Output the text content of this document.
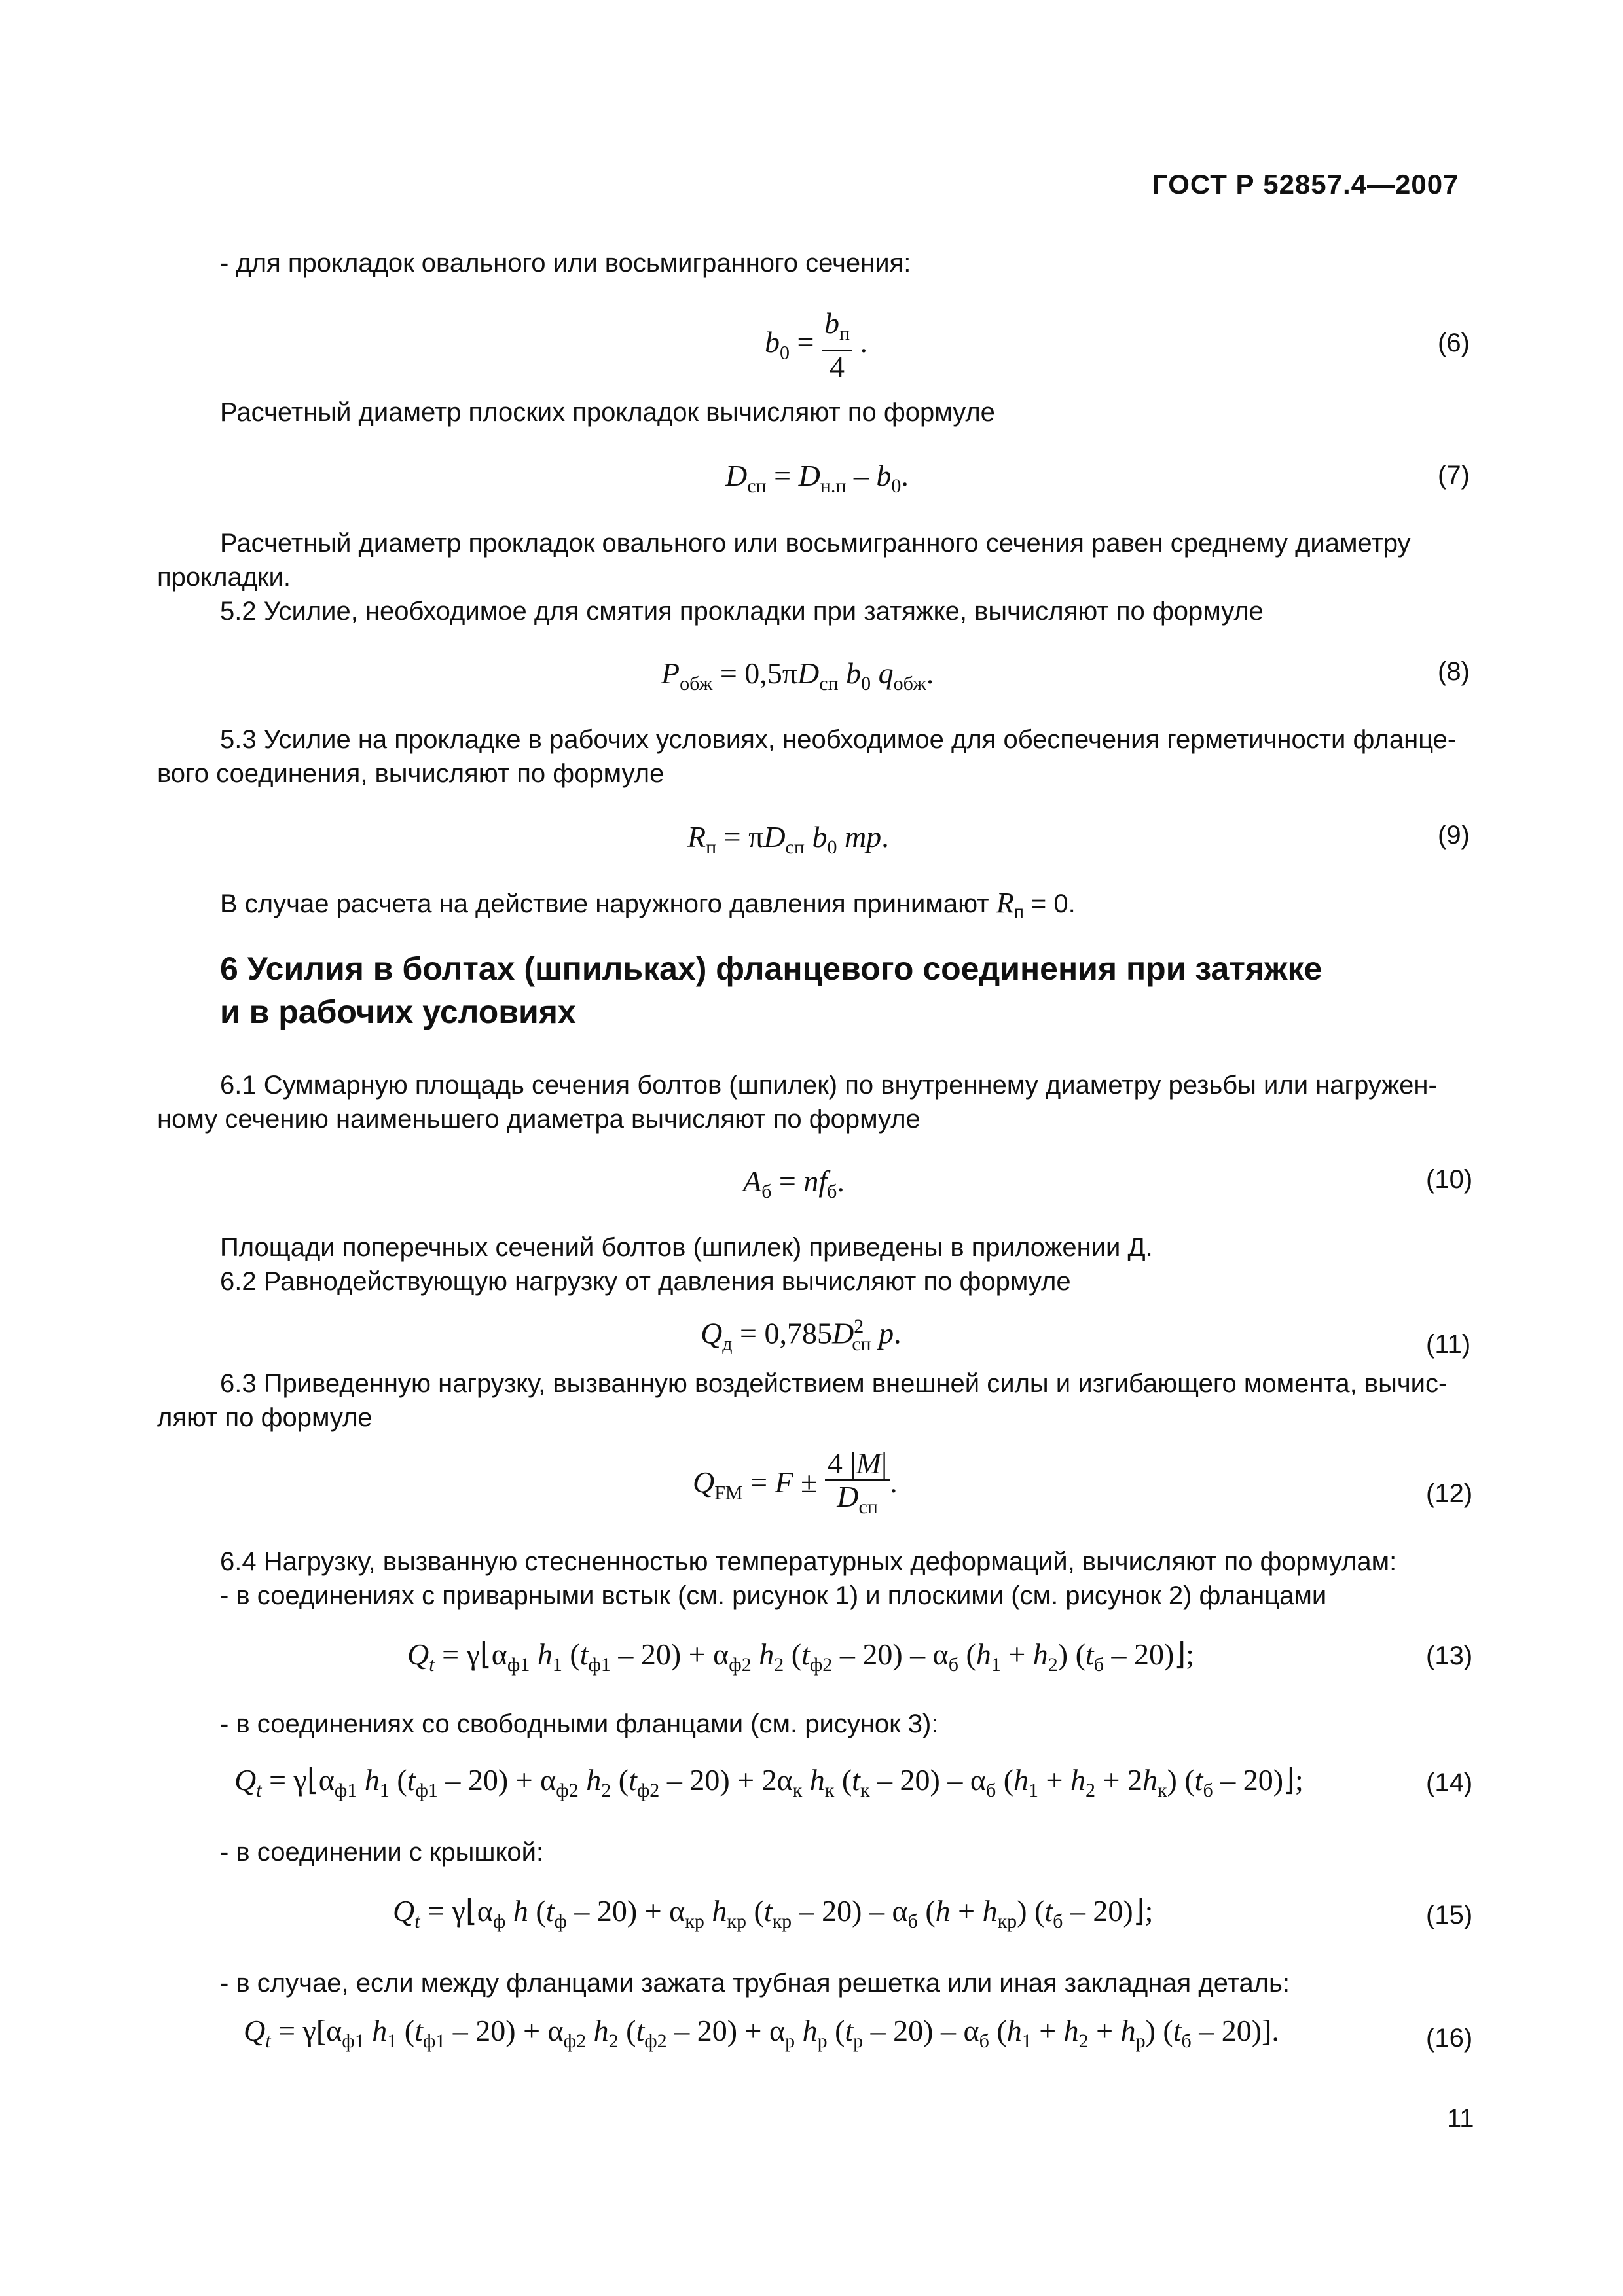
ГОСТ Р 52857.4—2007
- для прокладок овального или восьмигранного сечения:
$b_0 = \frac{b_п}{4}$ .	(6)
Расчетный диаметр плоских прокладок вычисляют по формуле
$D_{сп} = D_{н.п} - b_0$.	(7)
Расчетный диаметр прокладок овального или восьмигранного сечения равен среднему диаметру
прокладки.
5.2 Усилие, необходимое для смятия прокладки при затяжке, вычисляют по формуле
$P_{обж} = 0,5\pi D_{сп}$ $b_0$ $q_{обж}$.	(8)
5.3 Усилие на прокладке в рабочих условиях, необходимое для обеспечения герметичности фланце-
вого соединения, вычисляют по формуле
$R_п = \pi D_{сп}$ $b_0$ mp.	(9)
В случае расчета на действие наружного давления принимают $R_п = 0$.
6 Усилия в болтах (шпильках) фланцевого соединения при затяжке
и в рабочих условиях
6.1 Суммарную площадь сечения болтов (шпилек) по внутреннему диаметру резьбы или нагружен-
ному сечению наименьшего диаметра вычисляют по формуле
$A_б = nf_б$.	(10)
Площади поперечных сечений болтов (шпилек) приведены в приложении Д.
6.2 Равнодействующую нагрузку от давления вычисляют по формуле
$Q_д = 0,785D^2_{сп}$ p.	(11)
6.3 Приведенную нагрузку, вызванную воздействием внешней силы и изгибающего момента, вычис-
ляют по формуле
$Q_{FM} = F \pm \frac{4 |M|}{D_{сп}}$ .	(12)
6.4 Нагрузку, вызванную стесненностью температурных деформаций, вычисляют по формулам:
- в соединениях с приварными встык (см. рисунок 1) и плоскими (см. рисунок 2) фланцами
$Q_t$ = $\gamma⌊\alpha_{ф1}$ $h_1$ $(t_{ф1} - 20) + \alpha_{ф2}$ $h_2$ $(t_{ф2} - 20) - \alpha_б$ $(h_1 + h_2)$ ($t_б$ – 20)⌋;	(13)
- в соединениях со свободными фланцами (см. рисунок 3):
$Q_t$ = $\gamma⌊\alpha_{ф1}$ $h_1$ $(t_{ф1} - 20) + \alpha_{ф2}$ $h_2$ $(t_{ф2} - 20) + 2\alpha_к$ $h_к$ $(t_к - 20) - \alpha_б$ $(h_1 + h_2 + 2h_к)$ ($t_б$ – 20)⌋;	(14)
- в соединении с крышкой:
$Q_t$ = $\gamma⌊\alpha_ф$ h $(t_ф - 20) + \alpha_{кр}$ $h_{кр}$ $(t_{кр} - 20) - \alpha_б$ $(h + h_{кр})$ ($t_б$ – 20)⌋;	(15)
- в случае, если между фланцами зажата трубная решетка или иная закладная деталь:
$Q_t = \gamma[\alpha_{ф1}$ $h_1$ $(t_{ф1} - 20) + \alpha_{ф2}$ $h_2$ $(t_{ф2} - 20) + \alpha_р$ $h_р$ $(t_р - 20) - \alpha_б$ $(h_1 + h_2 + h_р)$ $(t_б - 20)$].	(16)
11
